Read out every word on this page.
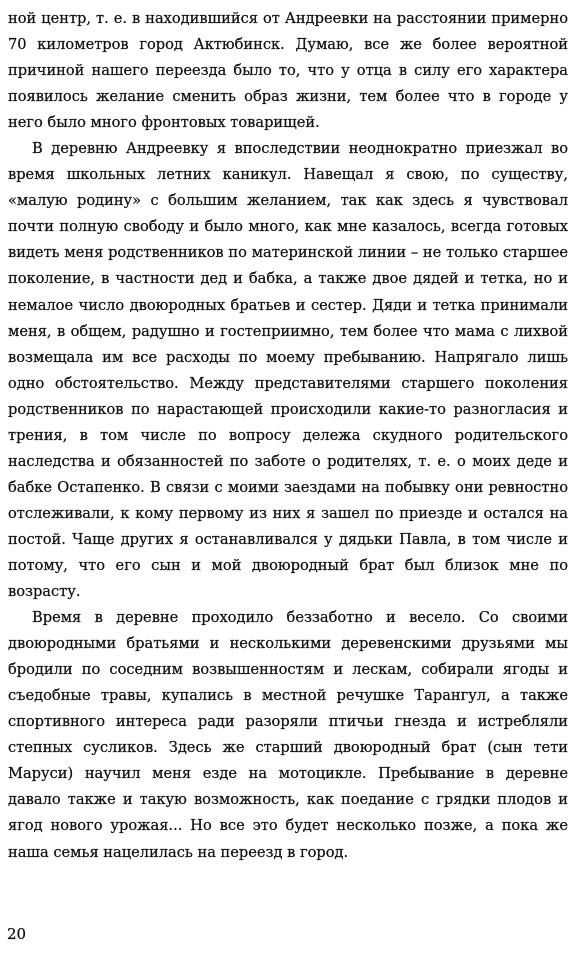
ной центр, т. е. в находившийся от Андреевки на расстоянии примерно 70 километров город Актюбинск. Думаю, все же более вероятной причиной нашего переезда было то, что у отца в силу его характера появилось желание сменить образ жизни, тем более что в городе у него было много фронтовых товарищей.

В деревню Андреевку я впоследствии неоднократно приезжал во время школьных летних каникул. Навещал я свою, по существу, «малую родину» с большим желанием, так как здесь я чувствовал почти полную свободу и было много, как мне казалось, всегда готовых видеть меня родственников по материнской линии – не только старшее поколение, в частности дед и бабка, а также двое дядей и тетка, но и немалое число двоюродных братьев и сестер. Дяди и тетка принимали меня, в общем, радушно и гостеприимно, тем более что мама с лихвой возмещала им все расходы по моему пребыванию. Напрягало лишь одно обстоятельство. Между представителями старшего поколения родственников по нарастающей происходили какие-то разногласия и трения, в том числе по вопросу дележа скудного родительского наследства и обязанностей по заботе о родителях, т. е. о моих деде и бабке Остапенко. В связи с моими заездами на побывку они ревностно отслеживали, к кому первому из них я зашел по приезде и остался на постой. Чаще других я останавливался у дядьки Павла, в том числе и потому, что его сын и мой двоюродный брат был близок мне по возрасту.

Время в деревне проходило беззаботно и весело. Со своими двоюродными братьями и несколькими деревенскими друзьями мы бродили по соседним возвышенностям и лескам, собирали ягоды и съедобные травы, купались в местной речушке Тарангул, а также спортивного интереса ради разоряли птичьи гнезда и истребляли степных сусликов. Здесь же старший двоюродный брат (сын тети Маруси) научил меня езде на мотоцикле. Пребывание в деревне давало также и такую возможность, как поедание с грядки плодов и ягод нового урожая... Но все это будет несколько позже, а пока же наша семья нацелилась на переезд в город.

20
